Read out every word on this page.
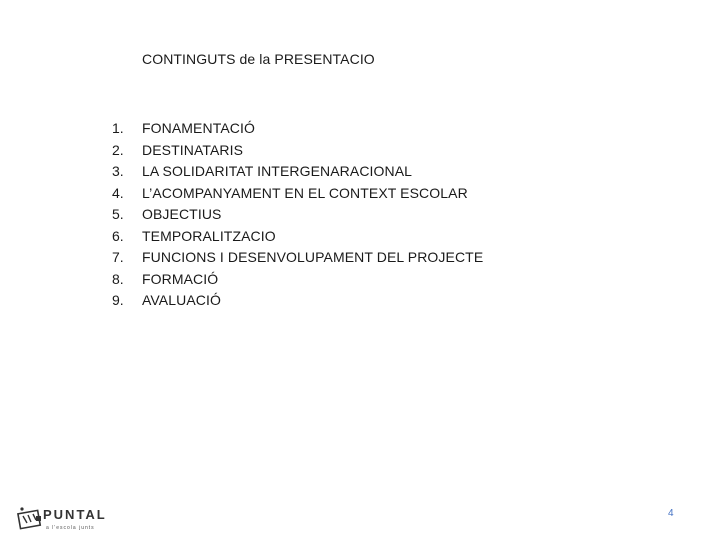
CONTINGUTS de la PRESENTACIO
1.	FONAMENTACIÓ
2.	DESTINATARIS
3.	LA SOLIDARITAT INTERGENARACIONAL
4.	L’ACOMPANYAMENT EN EL CONTEXT ESCOLAR
5.	OBJECTIUS
6.	TEMPORALITZACIO
7.	FUNCIONS I DESENVOLUPAMENT DEL PROJECTE
8.	FORMACIÓ
9.	AVALUACIÓ
4
PUNTAL
a l'escola junts
